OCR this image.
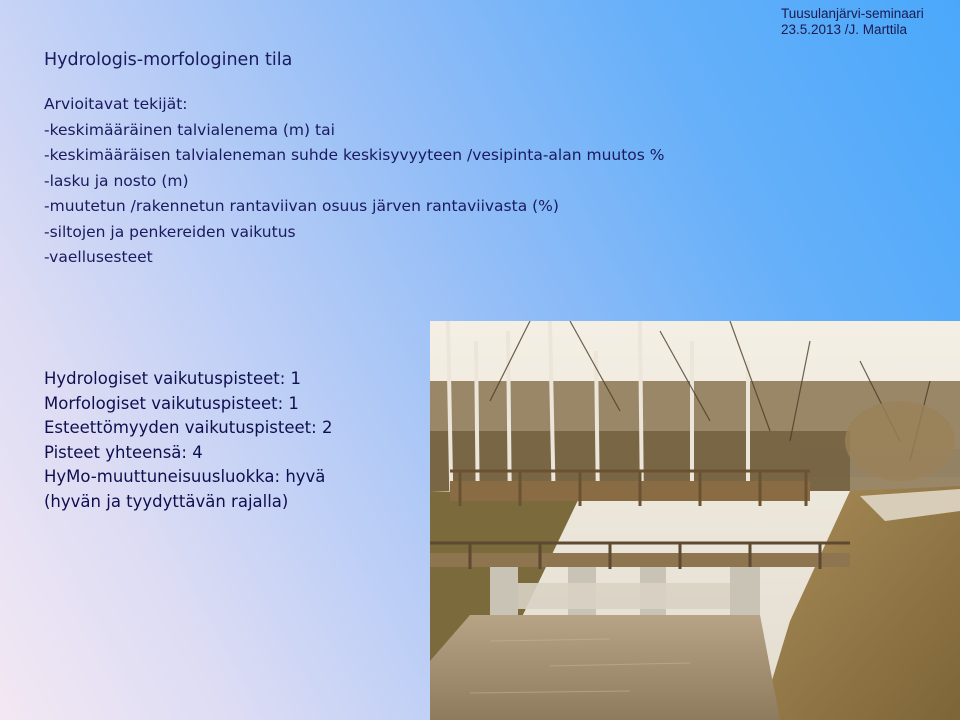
Tuusulanjärvi-seminaari
23.5.2013 /J. Marttila
Hydrologis-morfologinen tila
Arvioitavat tekijät:
-keskimääräinen talvialenema (m) tai
-keskimääräisen talvialeneman suhde keskisyvyyteen /vesipinta-alan muutos %
-lasku ja nosto (m)
-muutetun /rakennetun rantaviivan osuus järven rantaviivasta (%)
-siltojen ja penkereiden vaikutus
-vaellusesteet
Hydrologiset vaikutuspisteet: 1
Morfologiset vaikutuspisteet: 1
Esteettömyyden vaikutuspisteet: 2
Pisteet yhteensä: 4
HyMo-muuttuneisuusluokka: hyvä
(hyvän ja tyydyttävän rajalla)
